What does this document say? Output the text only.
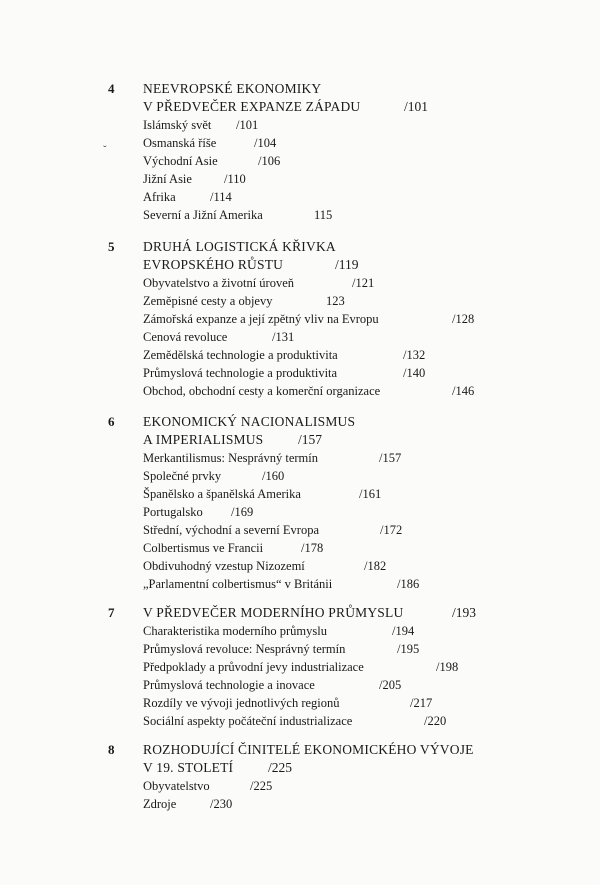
ˇ
4 NEEVROPSKÉ EKONOMIKY
V PŘEDVEČER EXPANZE ZÁPADU	/101
Islámský svět /101
Osmanská říše	/104
Východní Asie	/106
Jižní Asie	/110
Afrika	/114
Severní a Jižní Amerika	115
5 DRUHÁ LOGISTICKÁ KŘIVKA
EVROPSKÉHO RŮSTU	/119
Obyvatelstvo a životní úroveň	/121
Zeměpisné cesty a objevy	123
Zámořská expanze a její zpětný vliv na Evropu	/128
Cenová revoluce	/131
Zemědělská technologie a produktivita	/132
Průmyslová technologie a produktivita	/140
Obchod, obchodní cesty a komerční organizace	/146
6 EKONOMICKÝ NACIONALISMUS
A IMPERIALISMUS	/157
Merkantilismus: Nesprávný termín	/157
Společné prvky	/160
Španělsko a španělská Amerika	/161
Portugalsko /169
Střední, východní a severní Evropa	/172
Colbertismus ve Francii	/178
Obdivuhodný vzestup Nizozemí	/182
„Parlamentní colbertismus“ v Británii	/186
7 V PŘEDVEČER MODERNÍHO PRŮMYSLU	/193
Charakteristika moderního průmyslu	/194
Průmyslová revoluce: Nesprávný termín	/195
Předpoklady a průvodní jevy industrializace	/198
Průmyslová technologie a inovace	/205
Rozdíly ve vývoji jednotlivých regionů	/217
Sociální aspekty počáteční industrializace	/220
8 ROZHODUJÍCÍ ČINITELÉ EKONOMICKÉHO VÝVOJE
V 19. STOLETÍ	/225
Obyvatelstvo	/225
Zdroje	/230
